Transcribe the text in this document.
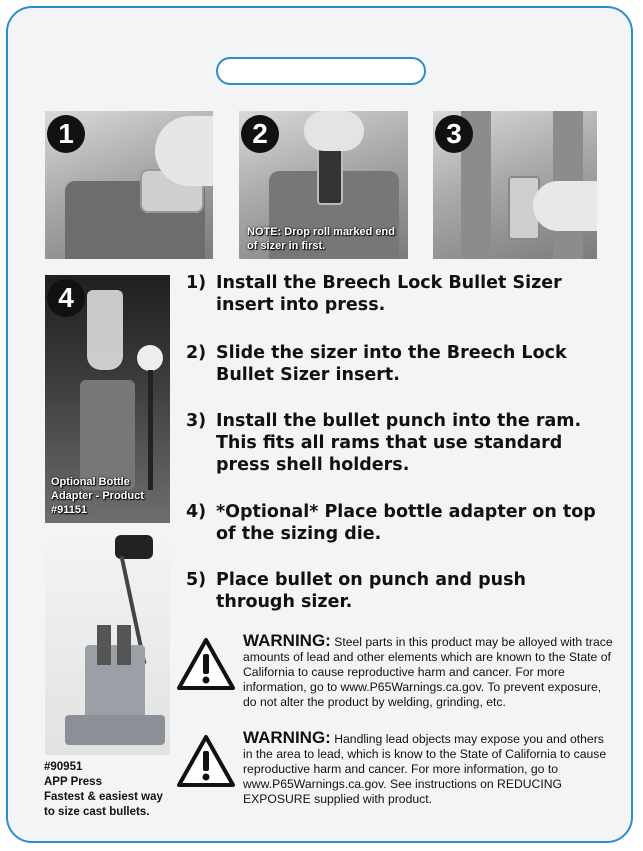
1	2
NOTE: Drop roll marked end of sizer in first.
3
4
Optional Bottle Adapter - Product #91151
#90951
APP Press
Fastest & easiest way
to size cast bullets.
1) Install the Breech Lock Bullet Sizer insert into press.
2) Slide the sizer into the Breech Lock Bullet Sizer insert.
3) Install the bullet punch into the ram. This fits all rams that use standard press shell holders.
4) *Optional* Place bottle adapter on top of the sizing die.
5) Place bullet on punch and push through sizer.
WARNING: Steel parts in this product may be alloyed with trace amounts of lead and other elements which are known to the State of California to cause reproductive harm and cancer. For more information, go to www.P65Warnings.ca.gov. To prevent exposure, do not alter the product by welding, grinding, etc.
WARNING: Handling lead objects may expose you and others in the area to lead, which is know to the State of California to cause reproductive harm and cancer. For more information, go to www.P65Warnings.ca.gov. See instructions on REDUCING EXPOSURE supplied with product.
